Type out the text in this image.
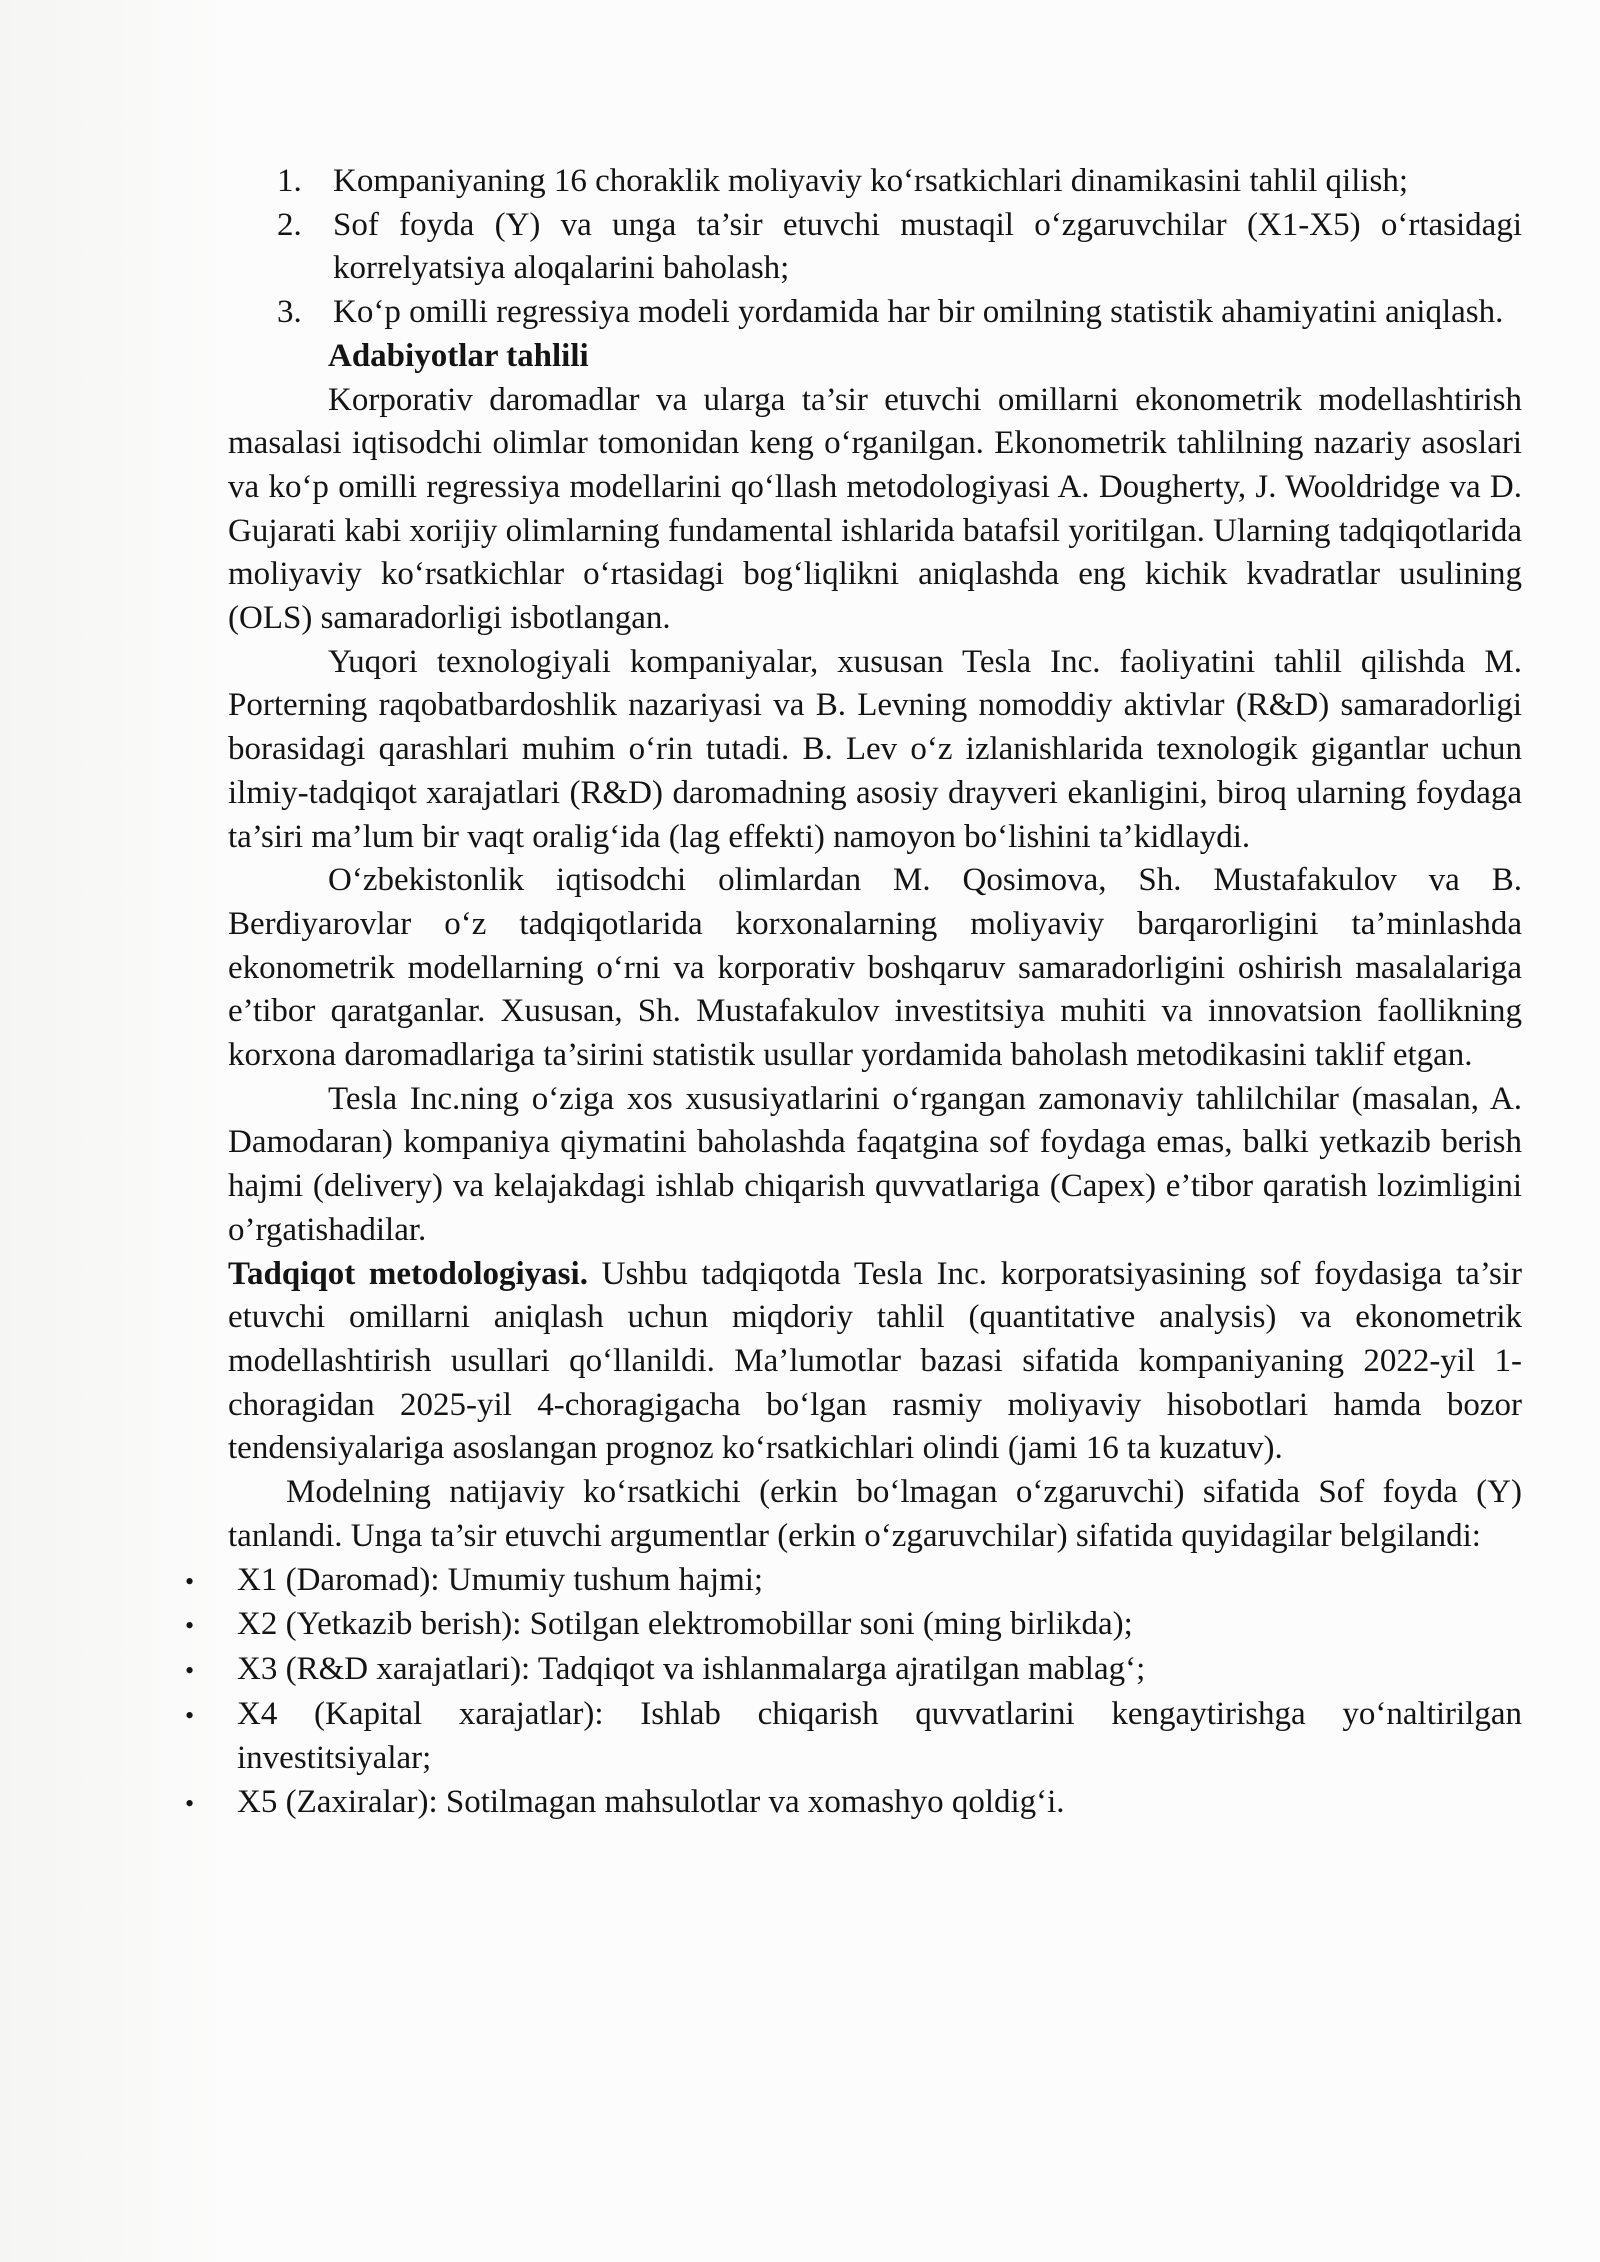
1. Kompaniyaning 16 choraklik moliyaviy ko‘rsatkichlari dinamikasini tahlil qilish;
2. Sof foyda (Y) va unga ta’sir etuvchi mustaqil o‘zgaruvchilar (X1-X5) o‘rtasidagi korrelyatsiya aloqalarini baholash;
3. Ko‘p omilli regressiya modeli yordamida har bir omilning statistik ahamiyatini aniqlash.
Adabiyotlar tahlili
Korporativ daromadlar va ularga ta’sir etuvchi omillarni ekonometrik modellashtirish masalasi iqtisodchi olimlar tomonidan keng o‘rganilgan. Ekonometrik tahlilning nazariy asoslari va ko‘p omilli regressiya modellarini qo‘llash metodologiyasi A. Dougherty, J. Wooldridge va D. Gujarati kabi xorijiy olimlarning fundamental ishlarida batafsil yoritilgan. Ularning tadqiqotlarida moliyaviy ko‘rsatkichlar o‘rtasidagi bog‘liqlikni aniqlashda eng kichik kvadratlar usulining (OLS) samaradorligi isbotlangan.
Yuqori texnologiyali kompaniyalar, xususan Tesla Inc. faoliyatini tahlil qilishda M. Porterning raqobatbardoshlik nazariyasi va B. Levning nomoddiy aktivlar (R&D) samaradorligi borasidagi qarashlari muhim o‘rin tutadi. B. Lev o‘z izlanishlarida texnologik gigantlar uchun ilmiy-tadqiqot xarajatlari (R&D) daromadning asosiy drayveri ekanligini, biroq ularning foydaga ta’siri ma’lum bir vaqt oralig‘ida (lag effekti) namoyon bo‘lishini ta’kidlaydi.
O‘zbekistonlik iqtisodchi olimlardan M. Qosimova, Sh. Mustafakulov va B. Berdiyarovlar o‘z tadqiqotlarida korxonalarning moliyaviy barqarorligini ta’minlashda ekonometrik modellarning o‘rni va korporativ boshqaruv samaradorligini oshirish masalalariga e’tibor qaratganlar. Xususan, Sh. Mustafakulov investitsiya muhiti va innovatsion faollikning korxona daromadlariga ta’sirini statistik usullar yordamida baholash metodikasini taklif etgan.
Tesla Inc.ning o‘ziga xos xususiyatlarini o‘rgangan zamonaviy tahlilchilar (masalan, A. Damodaran) kompaniya qiymatini baholashda faqatgina sof foydaga emas, balki yetkazib berish hajmi (delivery) va kelajakdagi ishlab chiqarish quvvatlariga (Capex) e’tibor qaratish lozimligini o’rgatishadilar.
Tadqiqot metodologiyasi. Ushbu tadqiqotda Tesla Inc. korporatsiyasining sof foydasiga ta’sir etuvchi omillarni aniqlash uchun miqdoriy tahlil (quantitative analysis) va ekonometrik modellashtirish usullari qo‘llanildi. Ma’lumotlar bazasi sifatida kompaniyaning 2022-yil 1-choragidan 2025-yil 4-choragigacha bo‘lgan rasmiy moliyaviy hisobotlari hamda bozor tendensiyalariga asoslangan prognoz ko‘rsatkichlari olindi (jami 16 ta kuzatuv).
Modelning natijaviy ko‘rsatkichi (erkin bo‘lmagan o‘zgaruvchi) sifatida Sof foyda (Y) tanlandi. Unga ta’sir etuvchi argumentlar (erkin o‘zgaruvchilar) sifatida quyidagilar belgilandi:
• X1 (Daromad): Umumiy tushum hajmi;
• X2 (Yetkazib berish): Sotilgan elektromobillar soni (ming birlikda);
• X3 (R&D xarajatlari): Tadqiqot va ishlanmalarga ajratilgan mablag‘;
• X4 (Kapital xarajatlar): Ishlab chiqarish quvvatlarini kengaytirishga yo‘naltirilgan investitsiyalar;
• X5 (Zaxiralar): Sotilmagan mahsulotlar va xomashyo qoldig‘i.
